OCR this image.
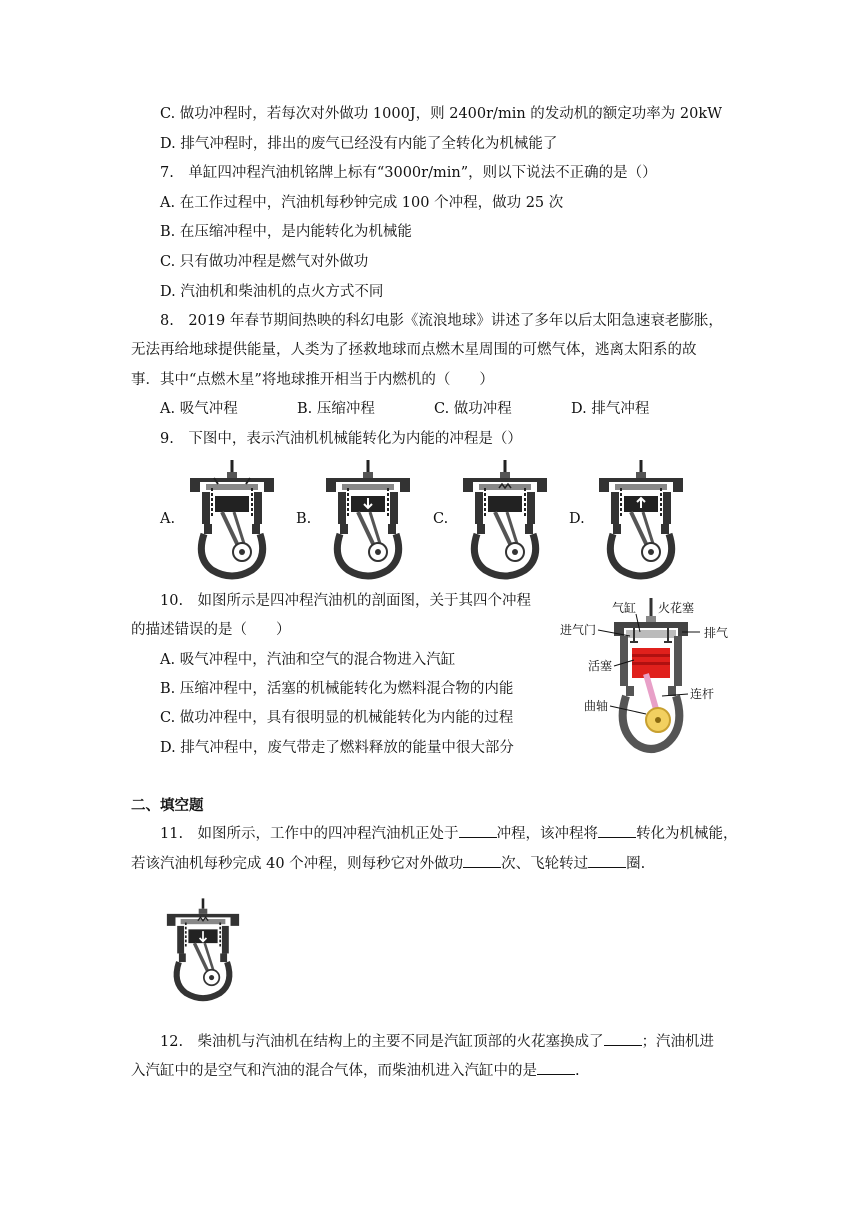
C. 做功冲程时，若每次对外做功 1000J，则 2400r/min 的发动机的额定功率为 20kW
D. 排气冲程时，排出的废气已经没有内能了全转化为机械能了
7.　单缸四冲程汽油机铭牌上标有“3000r/min”，则以下说法不正确的是（）
A. 在工作过程中，汽油机每秒钟完成 100 个冲程，做功 25 次
B. 在压缩冲程中，是内能转化为机械能
C. 只有做功冲程是燃气对外做功
D. 汽油机和柴油机的点火方式不同
8.　2019 年春节期间热映的科幻电影《流浪地球》讲述了多年以后太阳急速衰老膨胀，
无法再给地球提供能量，人类为了拯救地球而点燃木星周围的可燃气体，逃离太阳系的故
事．其中“点燃木星”将地球推开相当于内燃机的（　　）
A. 吸气冲程	B. 压缩冲程	C. 做功冲程	D. 排气冲程
9.　下图中，表示汽油机机械能转化为内能的冲程是（）
A.	B.	C.	D.
10.　如图所示是四冲程汽油机的剖面图，关于其四个冲程
的描述错误的是（　　）
A. 吸气冲程中，汽油和空气的混合物进入汽缸
B. 压缩冲程中，活塞的机械能转化为燃料混合物的内能
C. 做功冲程中，具有很明显的机械能转化为内能的过程
D. 排气冲程中，废气带走了燃料释放的能量中很大部分
气缸 火花塞
进气门	排气
活塞
连杆
曲轴
二、填空题
11.　如图所示，工作中的四冲程汽油机正处于	冲程，该冲程将	转化为机械能，
若该汽油机每秒完成 40 个冲程，则每秒它对外做功	次、飞轮转过	圈.
12.　柴油机与汽油机在结构上的主要不同是汽缸顶部的火花塞换成了	；汽油机进
入汽缸中的是空气和汽油的混合气体，而柴油机进入汽缸中的是	.
